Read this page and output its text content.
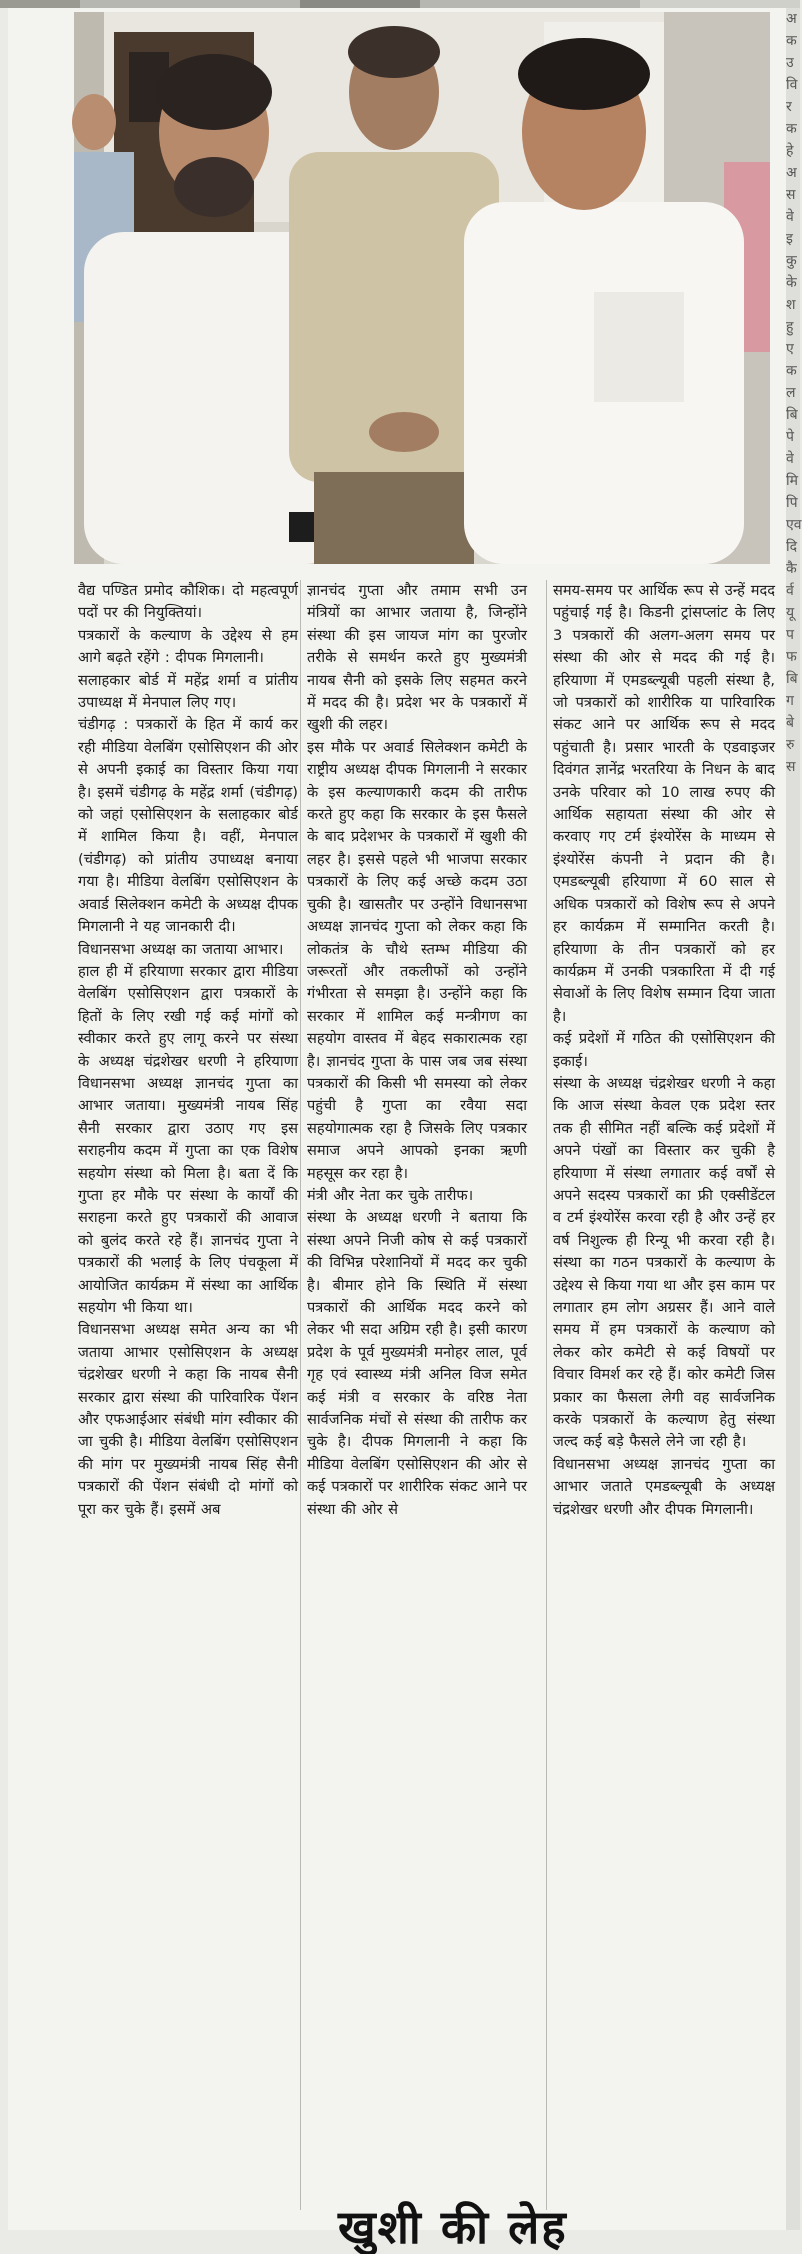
वैद्य पण्डित प्रमोद कौशिक। दो महत्वपूर्ण पदों पर की नियुक्तियां।

पत्रकारों के कल्याण के उद्देश्य से हम आगे बढ़ते रहेंगे : दीपक मिगलानी।

सलाहकार बोर्ड में महेंद्र शर्मा व प्रांतीय उपाध्यक्ष में मेनपाल लिए गए।

चंडीगढ़ : पत्रकारों के हित में कार्य कर रही मीडिया वेलबिंग एसोसिएशन की ओर से अपनी इकाई का विस्तार किया गया है। इसमें चंडीगढ़ के महेंद्र शर्मा (चंडीगढ़) को जहां एसोसिएशन के सलाहकार बोर्ड में शामिल किया है। वहीं, मेनपाल (चंडीगढ़) को प्रांतीय उपाध्यक्ष बनाया गया है। मीडिया वेलबिंग एसोसिएशन के अवार्ड सिलेक्शन कमेटी के अध्यक्ष दीपक मिगलानी ने यह जानकारी दी।

विधानसभा अध्यक्ष का जताया आभार।

हाल ही में हरियाणा सरकार द्वारा मीडिया वेलबिंग एसोसिएशन द्वारा पत्रकारों के हितों के लिए रखी गई कई मांगों को स्वीकार करते हुए लागू करने पर संस्था के अध्यक्ष चंद्रशेखर धरणी ने हरियाणा विधानसभा अध्यक्ष ज्ञानचंद गुप्ता का आभार जताया। मुख्यमंत्री नायब सिंह सैनी सरकार द्वारा उठाए गए इस सराहनीय कदम में गुप्ता का एक विशेष सहयोग संस्था को मिला है। बता दें कि गुप्ता हर मौके पर संस्था के कार्यों की सराहना करते हुए पत्रकारों की आवाज को बुलंद करते रहे हैं। ज्ञानचंद गुप्ता ने पत्रकारों की भलाई के लिए पंचकूला में आयोजित कार्यक्रम में संस्था का आर्थिक सहयोग भी किया था।

विधानसभा अध्यक्ष समेत अन्य का भी जताया आभार एसोसिएशन के अध्यक्ष चंद्रशेखर धरणी ने कहा कि नायब सैनी सरकार द्वारा संस्था की पारिवारिक पेंशन और एफआईआर संबंधी मांग स्वीकार की जा चुकी है। मीडिया वेलबिंग एसोसिएशन की मांग पर मुख्यमंत्री नायब सिंह सैनी पत्रकारों की पेंशन संबंधी दो मांगों को पूरा कर चुके हैं। इसमें अब

ज्ञानचंद गुप्ता और तमाम सभी उन मंत्रियों का आभार जताया है, जिन्होंने संस्था की इस जायज मांग का पुरजोर तरीके से समर्थन करते हुए मुख्यमंत्री नायब सैनी को इसके लिए सहमत करने में मदद की है। प्रदेश भर के पत्रकारों में खुशी की लहर।

इस मौके पर अवार्ड सिलेक्शन कमेटी के राष्ट्रीय अध्यक्ष दीपक मिगलानी ने सरकार के इस कल्याणकारी कदम की तारीफ करते हुए कहा कि सरकार के इस फैसले के बाद प्रदेशभर के पत्रकारों में खुशी की लहर है। इससे पहले भी भाजपा सरकार पत्रकारों के लिए कई अच्छे कदम उठा चुकी है। खासतौर पर उन्होंने विधानसभा अध्यक्ष ज्ञानचंद गुप्ता को लेकर कहा कि लोकतंत्र के चौथे स्तम्भ मीडिया की जरूरतों और तकलीफों को उन्होंने गंभीरता से समझा है। उन्होंने कहा कि सरकार में शामिल कई मन्त्रीगण का सहयोग वास्तव में बेहद सकारात्मक रहा है। ज्ञानचंद गुप्ता के पास जब जब संस्था पत्रकारों की किसी भी समस्या को लेकर पहुंची है गुप्ता का रवैया सदा सहयोगात्मक रहा है जिसके लिए पत्रकार समाज अपने आपको इनका ऋणी महसूस कर रहा है।

मंत्री और नेता कर चुके तारीफ।

संस्था के अध्यक्ष धरणी ने बताया कि संस्था अपने निजी कोष से कई पत्रकारों की विभिन्न परेशानियों में मदद कर चुकी है। बीमार होने कि स्थिति में संस्था पत्रकारों की आर्थिक मदद करने को लेकर भी सदा अग्रिम रही है। इसी कारण प्रदेश के पूर्व मुख्यमंत्री मनोहर लाल, पूर्व गृह एवं स्वास्थ्य मंत्री अनिल विज समेत कई मंत्री व सरकार के वरिष्ठ नेता सार्वजनिक मंचों से संस्था की तारीफ कर चुके है। दीपक मिगलानी ने कहा कि मीडिया वेलबिंग एसोसिएशन की ओर से कई पत्रकारों पर शारीरिक संकट आने पर संस्था की ओर से

समय-समय पर आर्थिक रूप से उन्हें मदद पहुंचाई गई है। किडनी ट्रांसप्लांट के लिए 3 पत्रकारों की अलग-अलग समय पर संस्था की ओर से मदद की गई है। हरियाणा में एमडब्ल्यूबी पहली संस्था है, जो पत्रकारों को शारीरिक या पारिवारिक संकट आने पर आर्थिक रूप से मदद पहुंचाती है। प्रसार भारती के एडवाइजर दिवंगत ज्ञानेंद्र भरतरिया के निधन के बाद उनके परिवार को 10 लाख रुपए की आर्थिक सहायता संस्था की ओर से करवाए गए टर्म इंश्योरेंस के माध्यम से इंश्योरेंस कंपनी ने प्रदान की है। एमडब्ल्यूबी हरियाणा में 60 साल से अधिक पत्रकारों को विशेष रूप से अपने हर कार्यक्रम में सम्मानित करती है। हरियाणा के तीन पत्रकारों को हर कार्यक्रम में उनकी पत्रकारिता में दी गई सेवाओं के लिए विशेष सम्मान दिया जाता है।

कई प्रदेशों में गठित की एसोसिएशन की इकाई।

संस्था के अध्यक्ष चंद्रशेखर धरणी ने कहा कि आज संस्था केवल एक प्रदेश स्तर तक ही सीमित नहीं बल्कि कई प्रदेशों में अपने पंखों का विस्तार कर चुकी है हरियाणा में संस्था लगातार कई वर्षों से अपने सदस्य पत्रकारों का फ्री एक्सीडेंटल व टर्म इंश्योरेंस करवा रही है और उन्हें हर वर्ष निशुल्क ही रिन्यू भी करवा रही है। संस्था का गठन पत्रकारों के कल्याण के उद्देश्य से किया गया था और इस काम पर लगातार हम लोग अग्रसर हैं। आने वाले समय में हम पत्रकारों के कल्याण को लेकर कोर कमेटी से कई विषयों पर विचार विमर्श कर रहे हैं। कोर कमेटी जिस प्रकार का फैसला लेगी वह सार्वजनिक करके पत्रकारों के कल्याण हेतु संस्था जल्द कई बड़े फैसले लेने जा रही है।

विधानसभा अध्यक्ष ज्ञानचंद गुप्ता का आभार जताते एमडब्ल्यूबी के अध्यक्ष चंद्रशेखर धरणी और दीपक मिगलानी।

खुशी की लेह
अ क उ वि र क हे अ स वे इ कु के श हु ए क ल बि पे वे मि पि एव दि कै र्व यू प फ बि ग बे रु स
